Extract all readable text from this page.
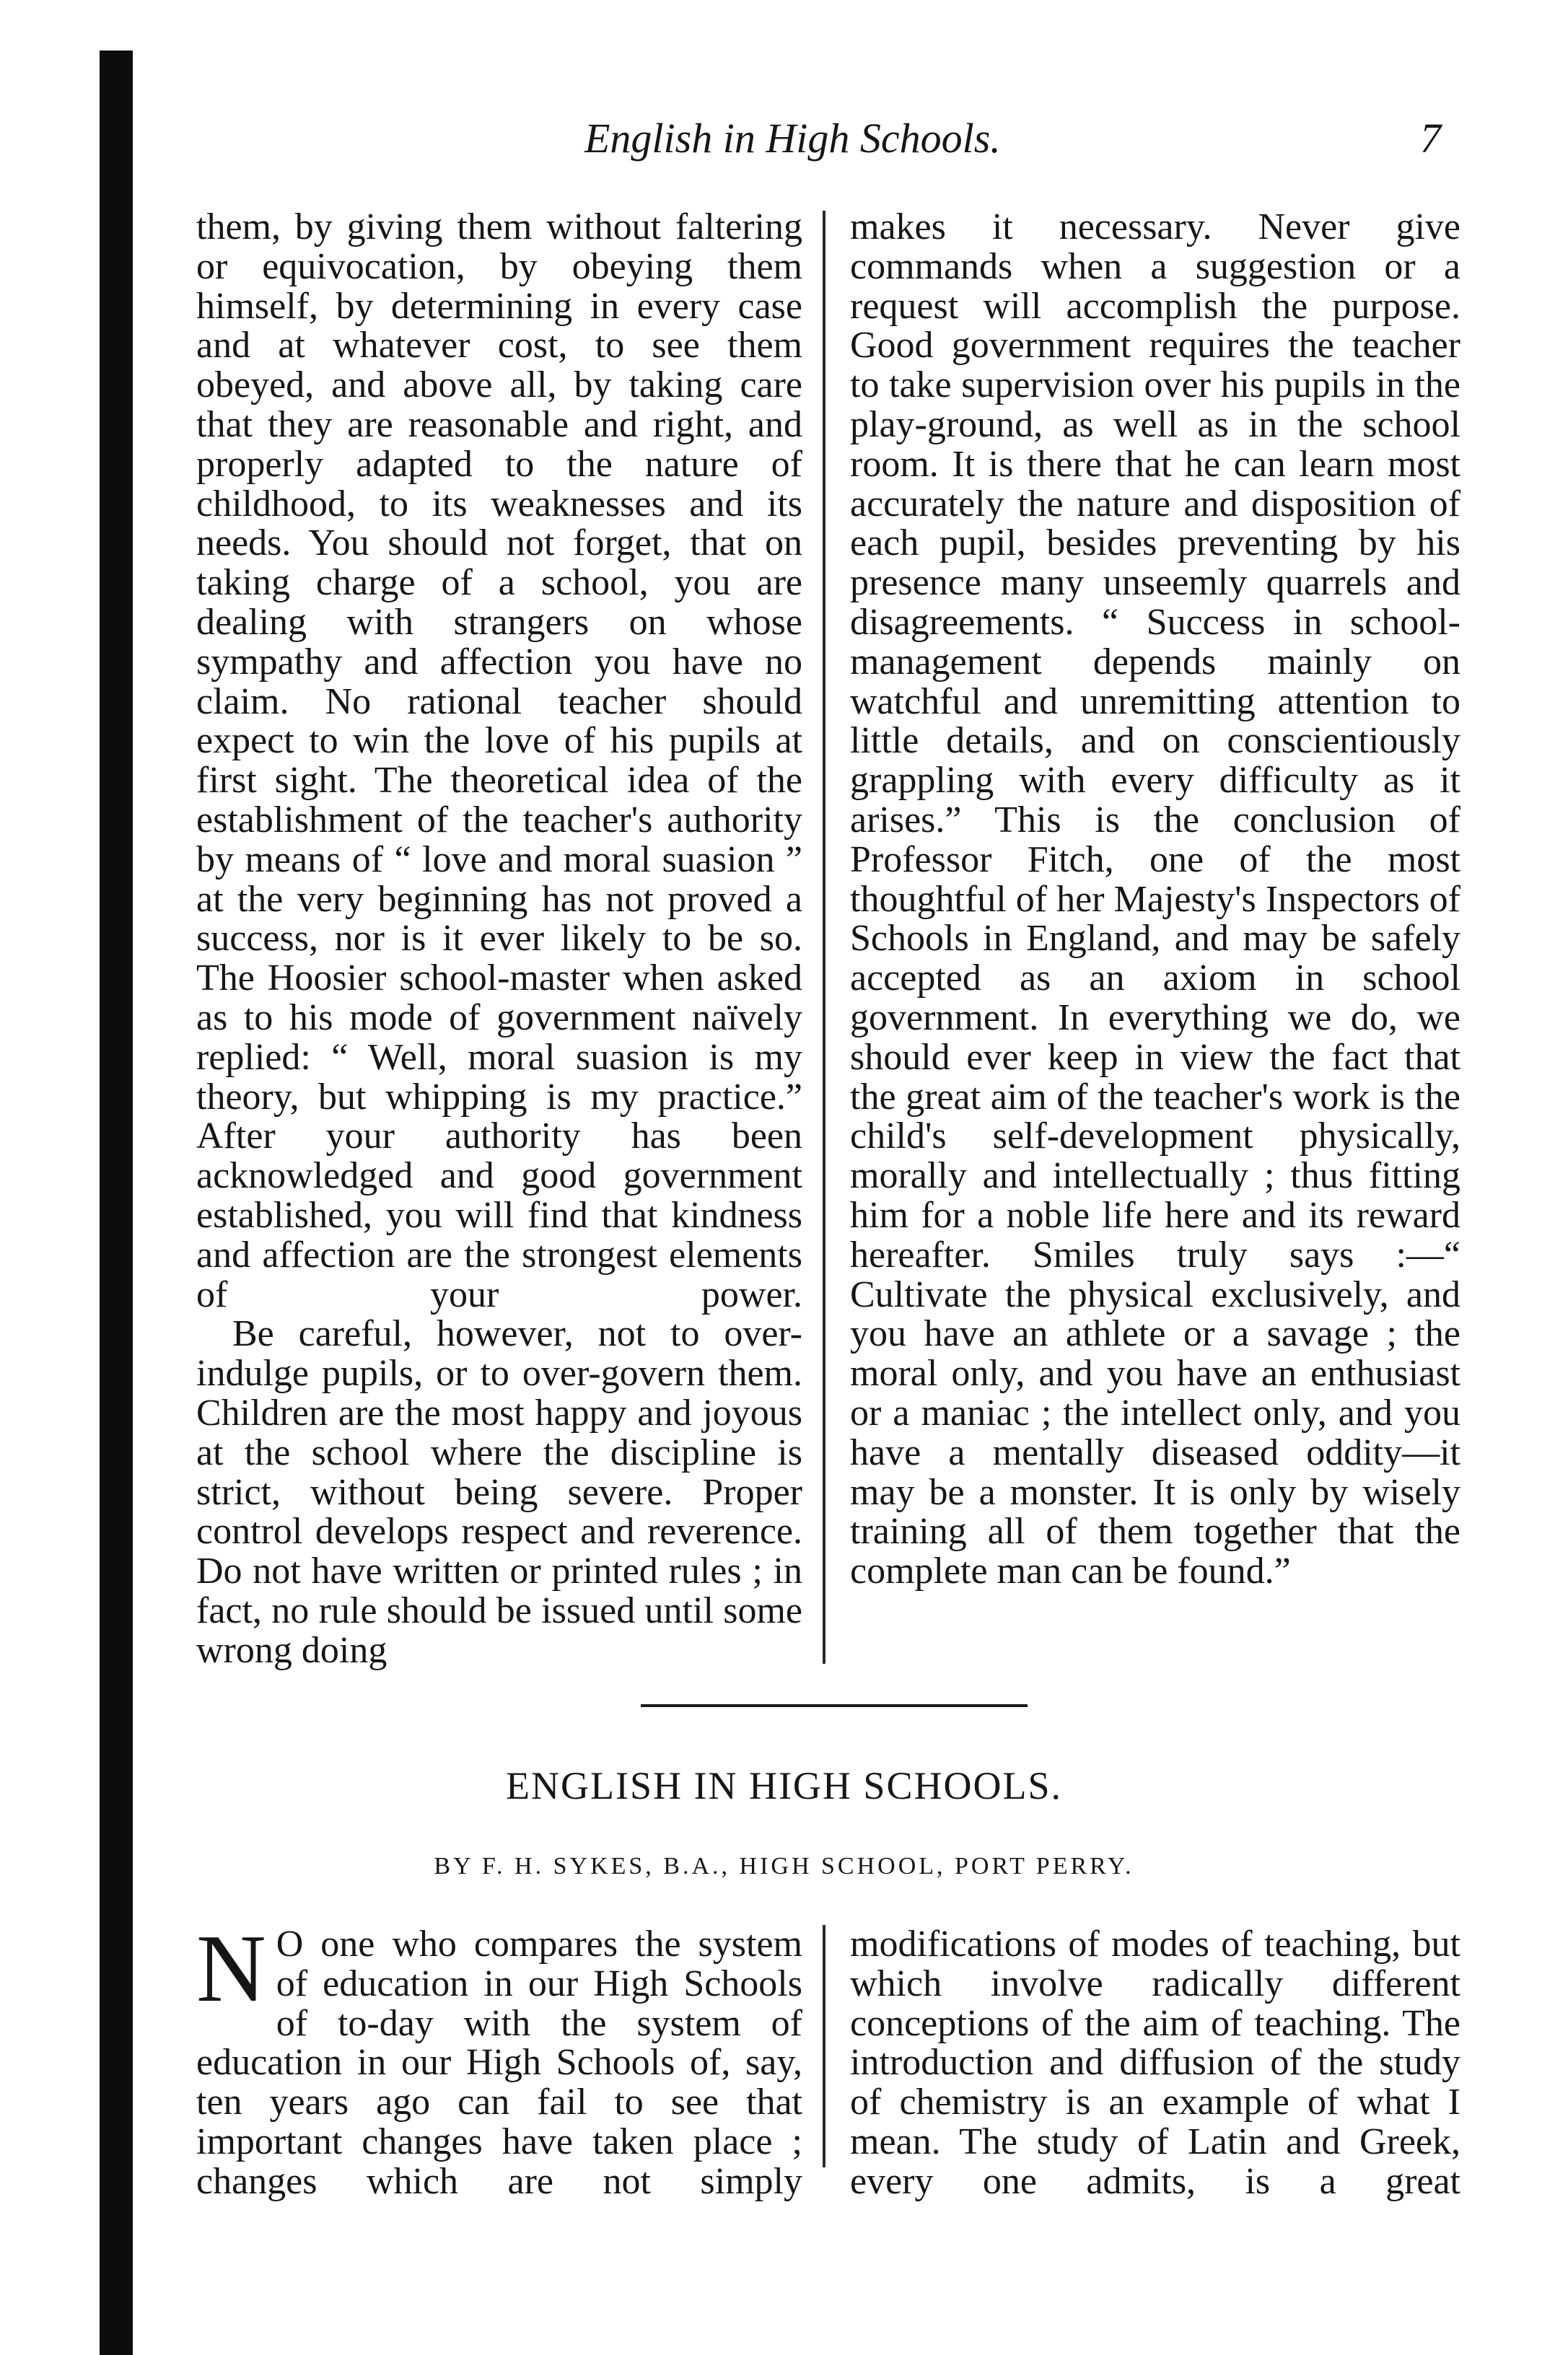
English in High Schools.	7

them, by giving them without faltering or equivocation, by obeying them himself, by determining in every case and at whatever cost, to see them obeyed, and above all, by taking care that they are reasonable and right, and properly adapted to the nature of childhood, to its weaknesses and its needs. You should not forget, that on taking charge of a school, you are dealing with strangers on whose sympathy and affection you have no claim. No rational teacher should expect to win the love of his pupils at first sight. The theoretical idea of the establishment of the teacher's authority by means of “ love and moral suasion ” at the very beginning has not proved a success, nor is it ever likely to be so. The Hoosier school-master when asked as to his mode of government naïvely replied: “ Well, moral suasion is my theory, but whipping is my practice.” After your authority has been acknowledged and good government established, you will find that kindness and affection are the strongest elements of your power.

Be careful, however, not to over-indulge pupils, or to over-govern them. Children are the most happy and joyous at the school where the discipline is strict, without being severe. Proper control develops respect and reverence. Do not have written or printed rules ; in fact, no rule should be issued until some wrong doing

makes it necessary. Never give commands when a suggestion or a request will accomplish the purpose. Good government requires the teacher to take supervision over his pupils in the play-ground, as well as in the school room. It is there that he can learn most accurately the nature and disposition of each pupil, besides preventing by his presence many unseemly quarrels and disagreements. “ Success in school-management depends mainly on watchful and unremitting attention to little details, and on conscientiously grappling with every difficulty as it arises.” This is the conclusion of Professor Fitch, one of the most thoughtful of her Majesty's Inspectors of Schools in England, and may be safely accepted as an axiom in school government. In everything we do, we should ever keep in view the fact that the great aim of the teacher's work is the child's self-development physically, morally and intellectually ; thus fitting him for a noble life here and its reward hereafter. Smiles truly says :—“ Cultivate the physical exclusively, and you have an athlete or a savage ; the moral only, and you have an enthusiast or a maniac ; the intellect only, and you have a mentally diseased oddity—it may be a monster. It is only by wisely training all of them together that the complete man can be found.”

ENGLISH IN HIGH SCHOOLS.
BY F. H. SYKES, B.A., HIGH SCHOOL, PORT PERRY.

N O one who compares the system of education in our High Schools of to-day with the system of education in our High Schools of, say, ten years ago can fail to see that important changes have taken place ; changes which are not simply

modifications of modes of teaching, but which involve radically different conceptions of the aim of teaching. The introduction and diffusion of the study of chemistry is an example of what I mean. The study of Latin and Greek, every one admits, is a great
